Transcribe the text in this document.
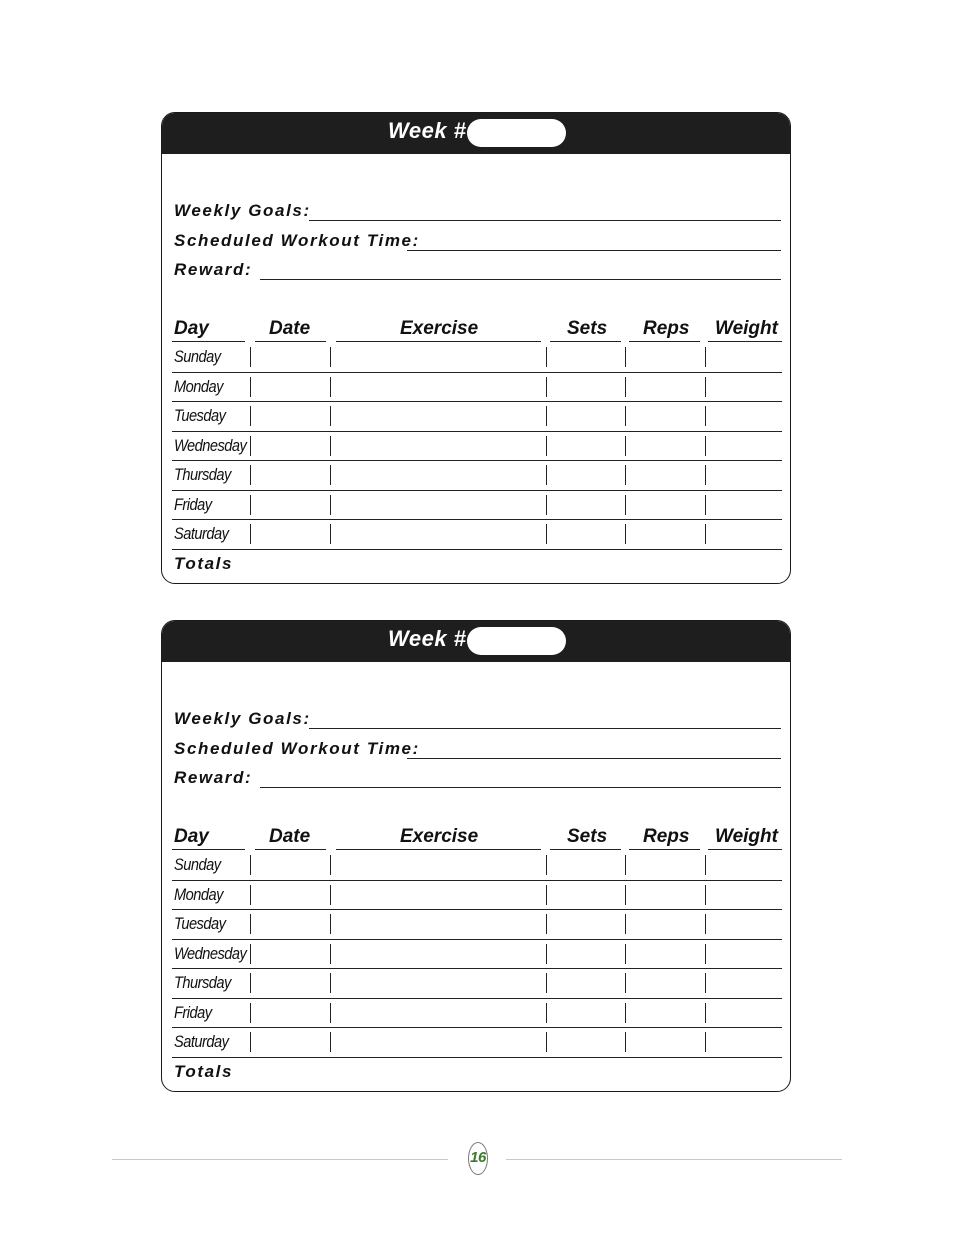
Week #
Weekly Goals:
Scheduled Workout Time:
Reward:
Day	Date	Exercise	Sets Reps Weight
Sunday
Monday
Tuesday
Wednesday
Thursday
Friday
Saturday
Totals
Week #
Weekly Goals:
Scheduled Workout Time:
Reward:
Day	Date	Exercise	Sets Reps Weight
Sunday
Monday
Tuesday
Wednesday
Thursday
Friday
Saturday
Totals
16
